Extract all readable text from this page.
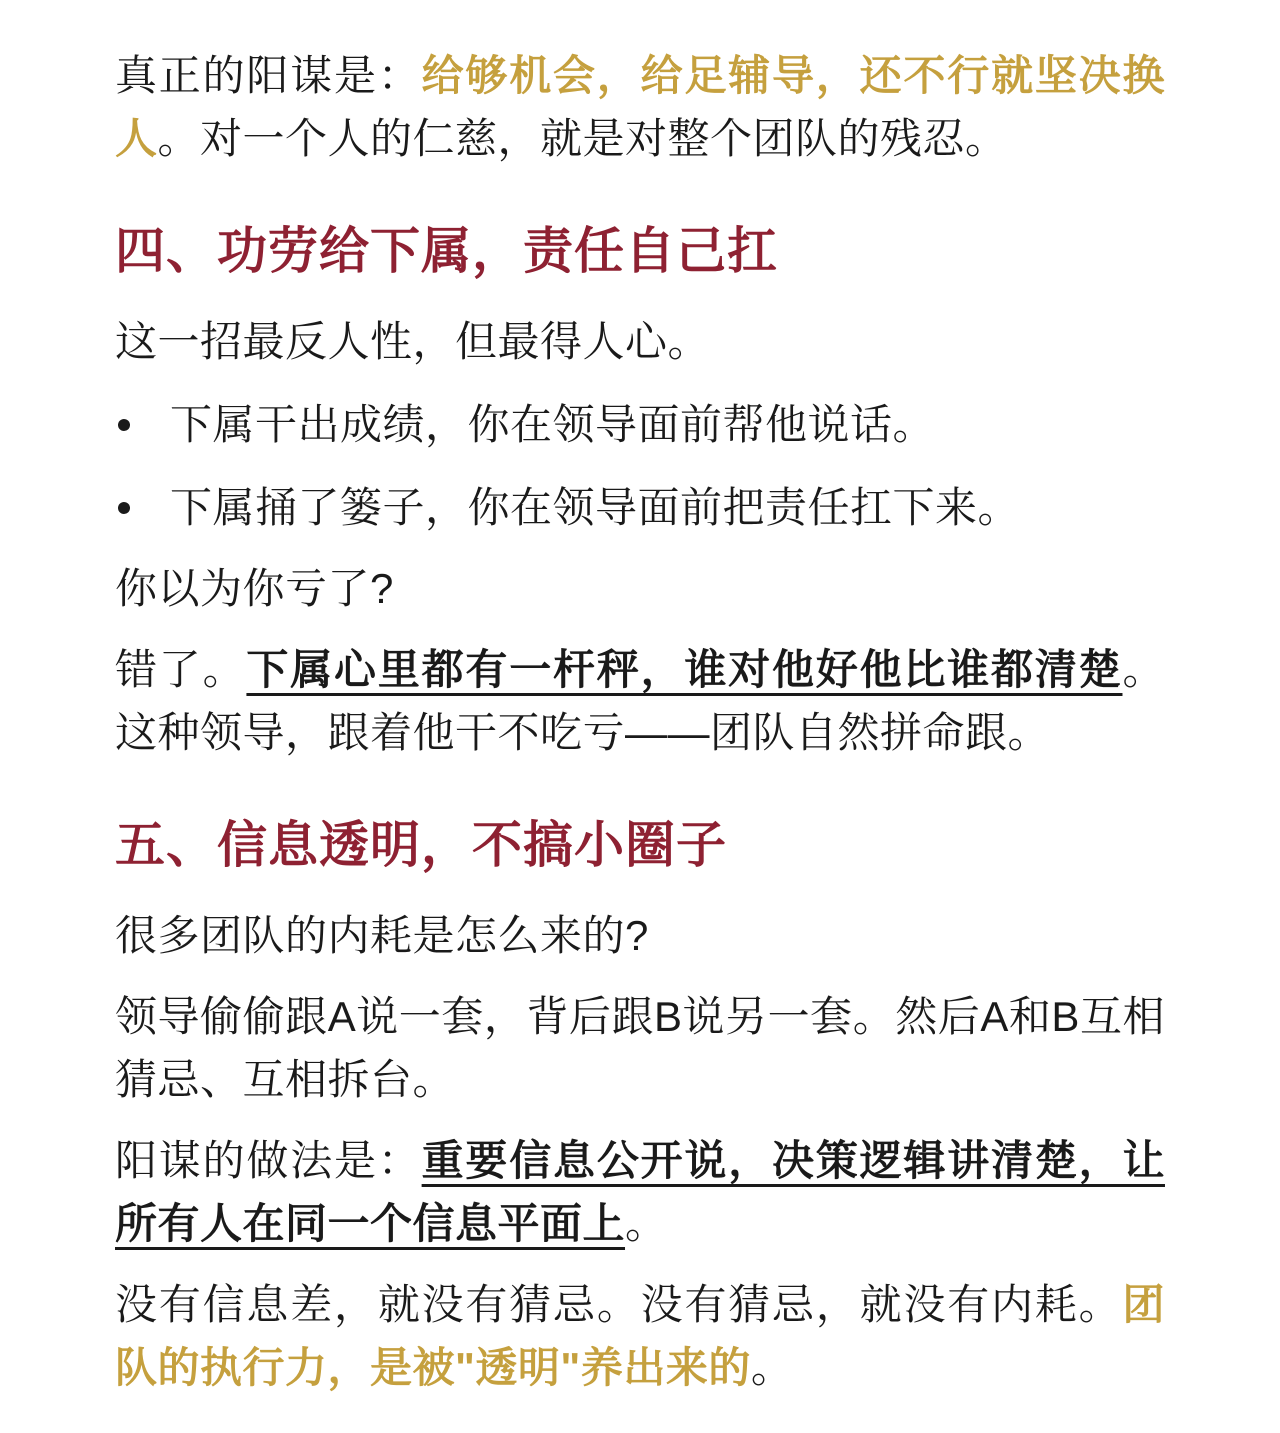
真正的阳谋是：给够机会，给足辅导，还不行就坚决换人。对一个人的仁慈，就是对整个团队的残忍。

四、功劳给下属，责任自己扛

这一招最反人性，但最得人心。

下属干出成绩，你在领导面前帮他说话。
下属捅了篓子，你在领导面前把责任扛下来。

你以为你亏了?

错了。下属心里都有一杆秤，谁对他好他比谁都清楚。这种领导，跟着他干不吃亏——团队自然拼命跟。

五、信息透明，不搞小圈子

很多团队的内耗是怎么来的?

领导偷偷跟A说一套，背后跟B说另一套。然后A和B互相猜忌、互相拆台。

阳谋的做法是：重要信息公开说，决策逻辑讲清楚，让所有人在同一个信息平面上。

没有信息差，就没有猜忌。没有猜忌，就没有内耗。团队的执行力，是被"透明"养出来的。
